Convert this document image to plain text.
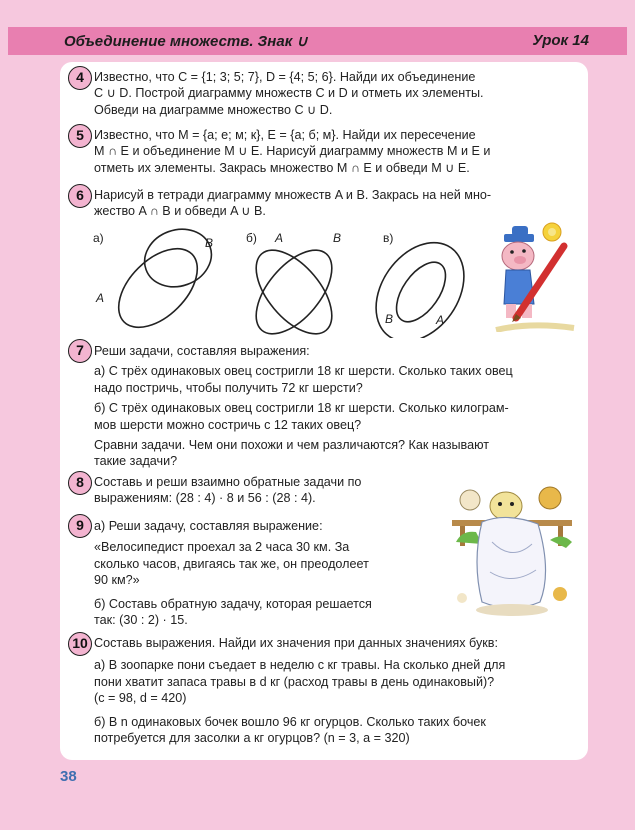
Объединение множеств. Знак ∪	Урок 14
4 Известно, что C = {1; 3; 5; 7}, D = {4; 5; 6}. Найди их объединение

C ∪ D. Построй диаграмму множеств C и D и отметь их элементы.

Обведи на диаграмме множество C ∪ D.

5 Известно, что M = {а; е; м; к}, E = {а; б; м}. Найди их пересечение

M ∩ E и объединение M ∪ E. Нарисуй диаграмму множеств M и E и

отметь их элементы. Закрась множество M ∩ E и обведи M ∪ E.

6 Нарисуй в тетради диаграмму множеств A и B. Закрась на ней мно-

жество A ∩ B и обведи A ∪ B.

а)	B
A
б) A	B	в)
B	A
7 Реши задачи, составляя выражения:

а) С трёх одинаковых овец состригли 18 кг шерсти. Сколько таких овец

надо постричь, чтобы получить 72 кг шерсти?

б) С трёх одинаковых овец состригли 18 кг шерсти. Сколько килограм-

мов шерсти можно состричь с 12 таких овец?

Сравни задачи. Чем они похожи и чем различаются? Как называют

такие задачи?

8 Составь и реши взаимно обратные задачи по

выражениям: (28 : 4) · 8 и 56 : (28 : 4).

9 а) Реши задачу, составляя выражение:

«Велосипедист проехал за 2 часа 30 км. За

сколько часов, двигаясь так же, он преодолеет

90 км?»

б) Составь обратную задачу, которая решается

так: (30 : 2) · 15.

10 Составь выражения. Найди их значения при данных значениях букв:

а) В зоопарке пони съедает в неделю c кг травы. На сколько дней для

пони хватит запаса травы в d кг (расход травы в день одинаковый)?

(c = 98, d = 420)

б) В n одинаковых бочек вошло 96 кг огурцов. Сколько таких бочек

потребуется для засолки a кг огурцов? (n = 3, a = 320)

38
